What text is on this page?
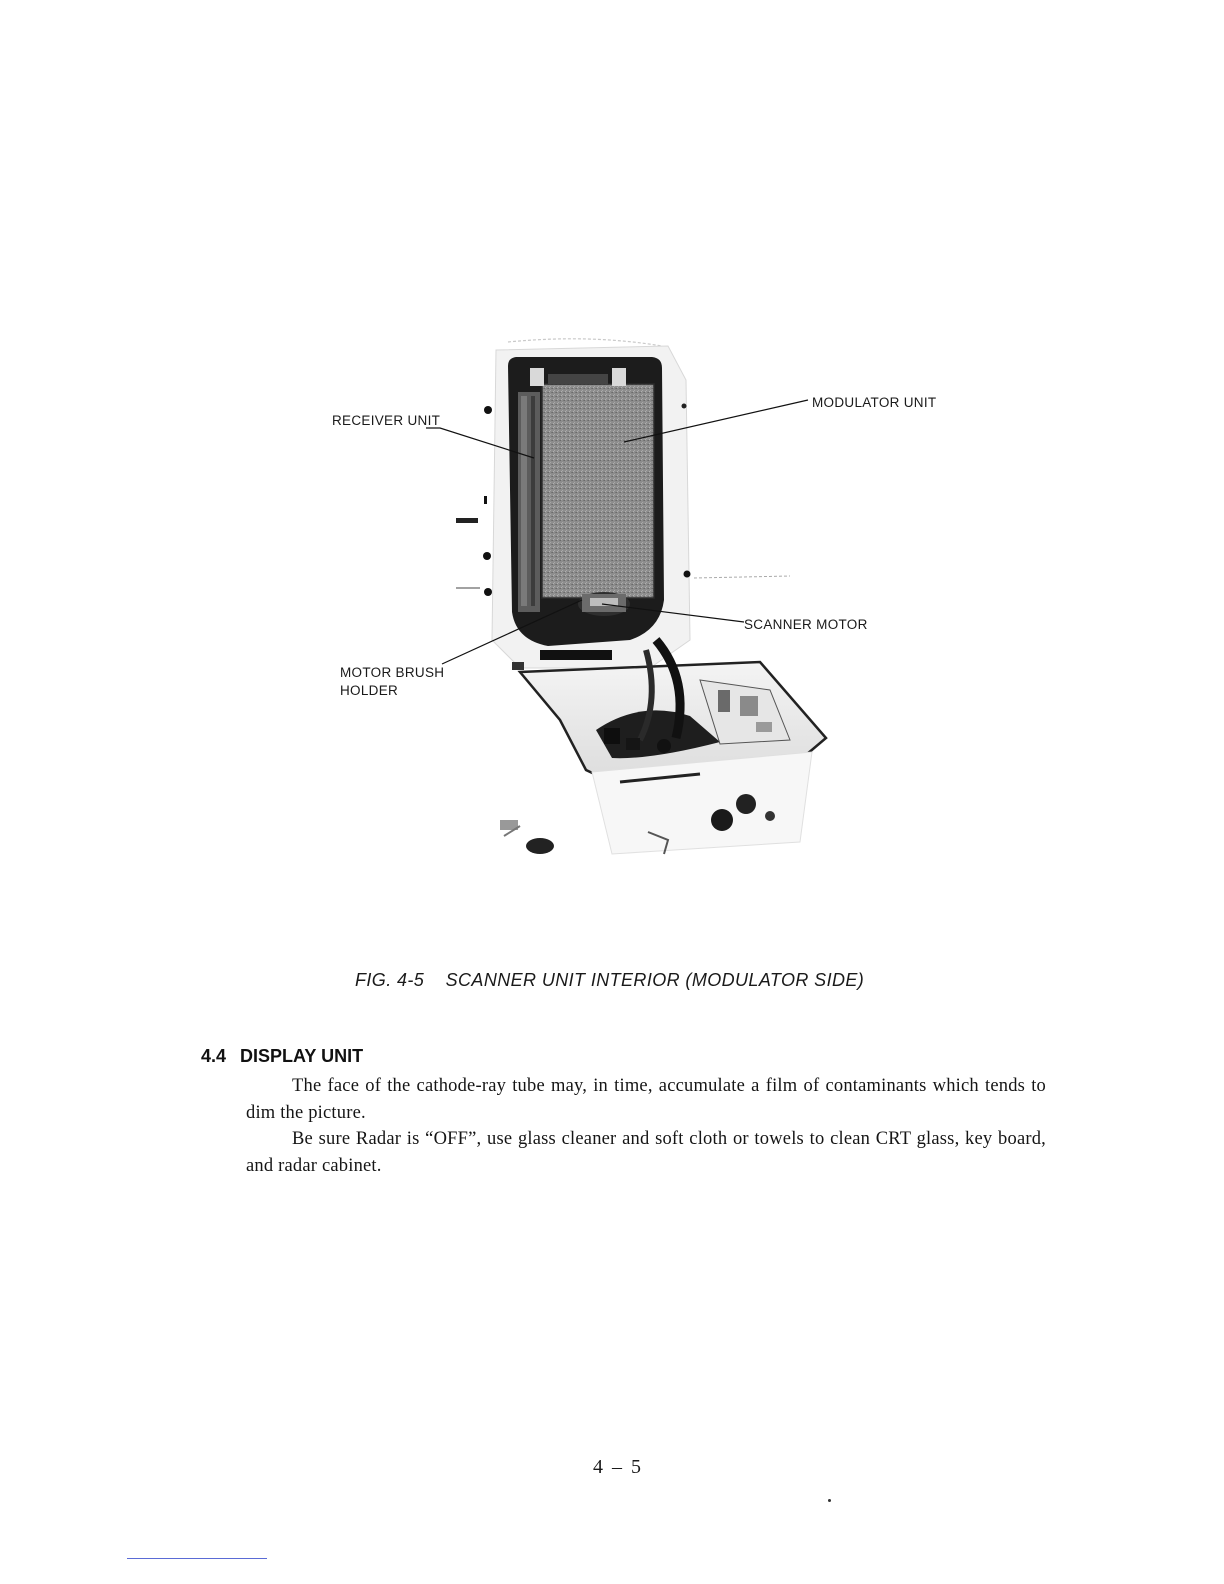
RECEIVER UNIT
MODULATOR UNIT
SCANNER MOTOR
MOTOR BRUSH
HOLDER
FIG. 4-5 SCANNER UNIT INTERIOR (MODULATOR SIDE)
4.4 DISPLAY UNIT

The face of the cathode-ray tube may, in time, accumulate a film of contaminants which tends to dim the picture.

Be sure Radar is “OFF”, use glass cleaner and soft cloth or towels to clean CRT glass, key board, and radar cabinet.

4 – 5
